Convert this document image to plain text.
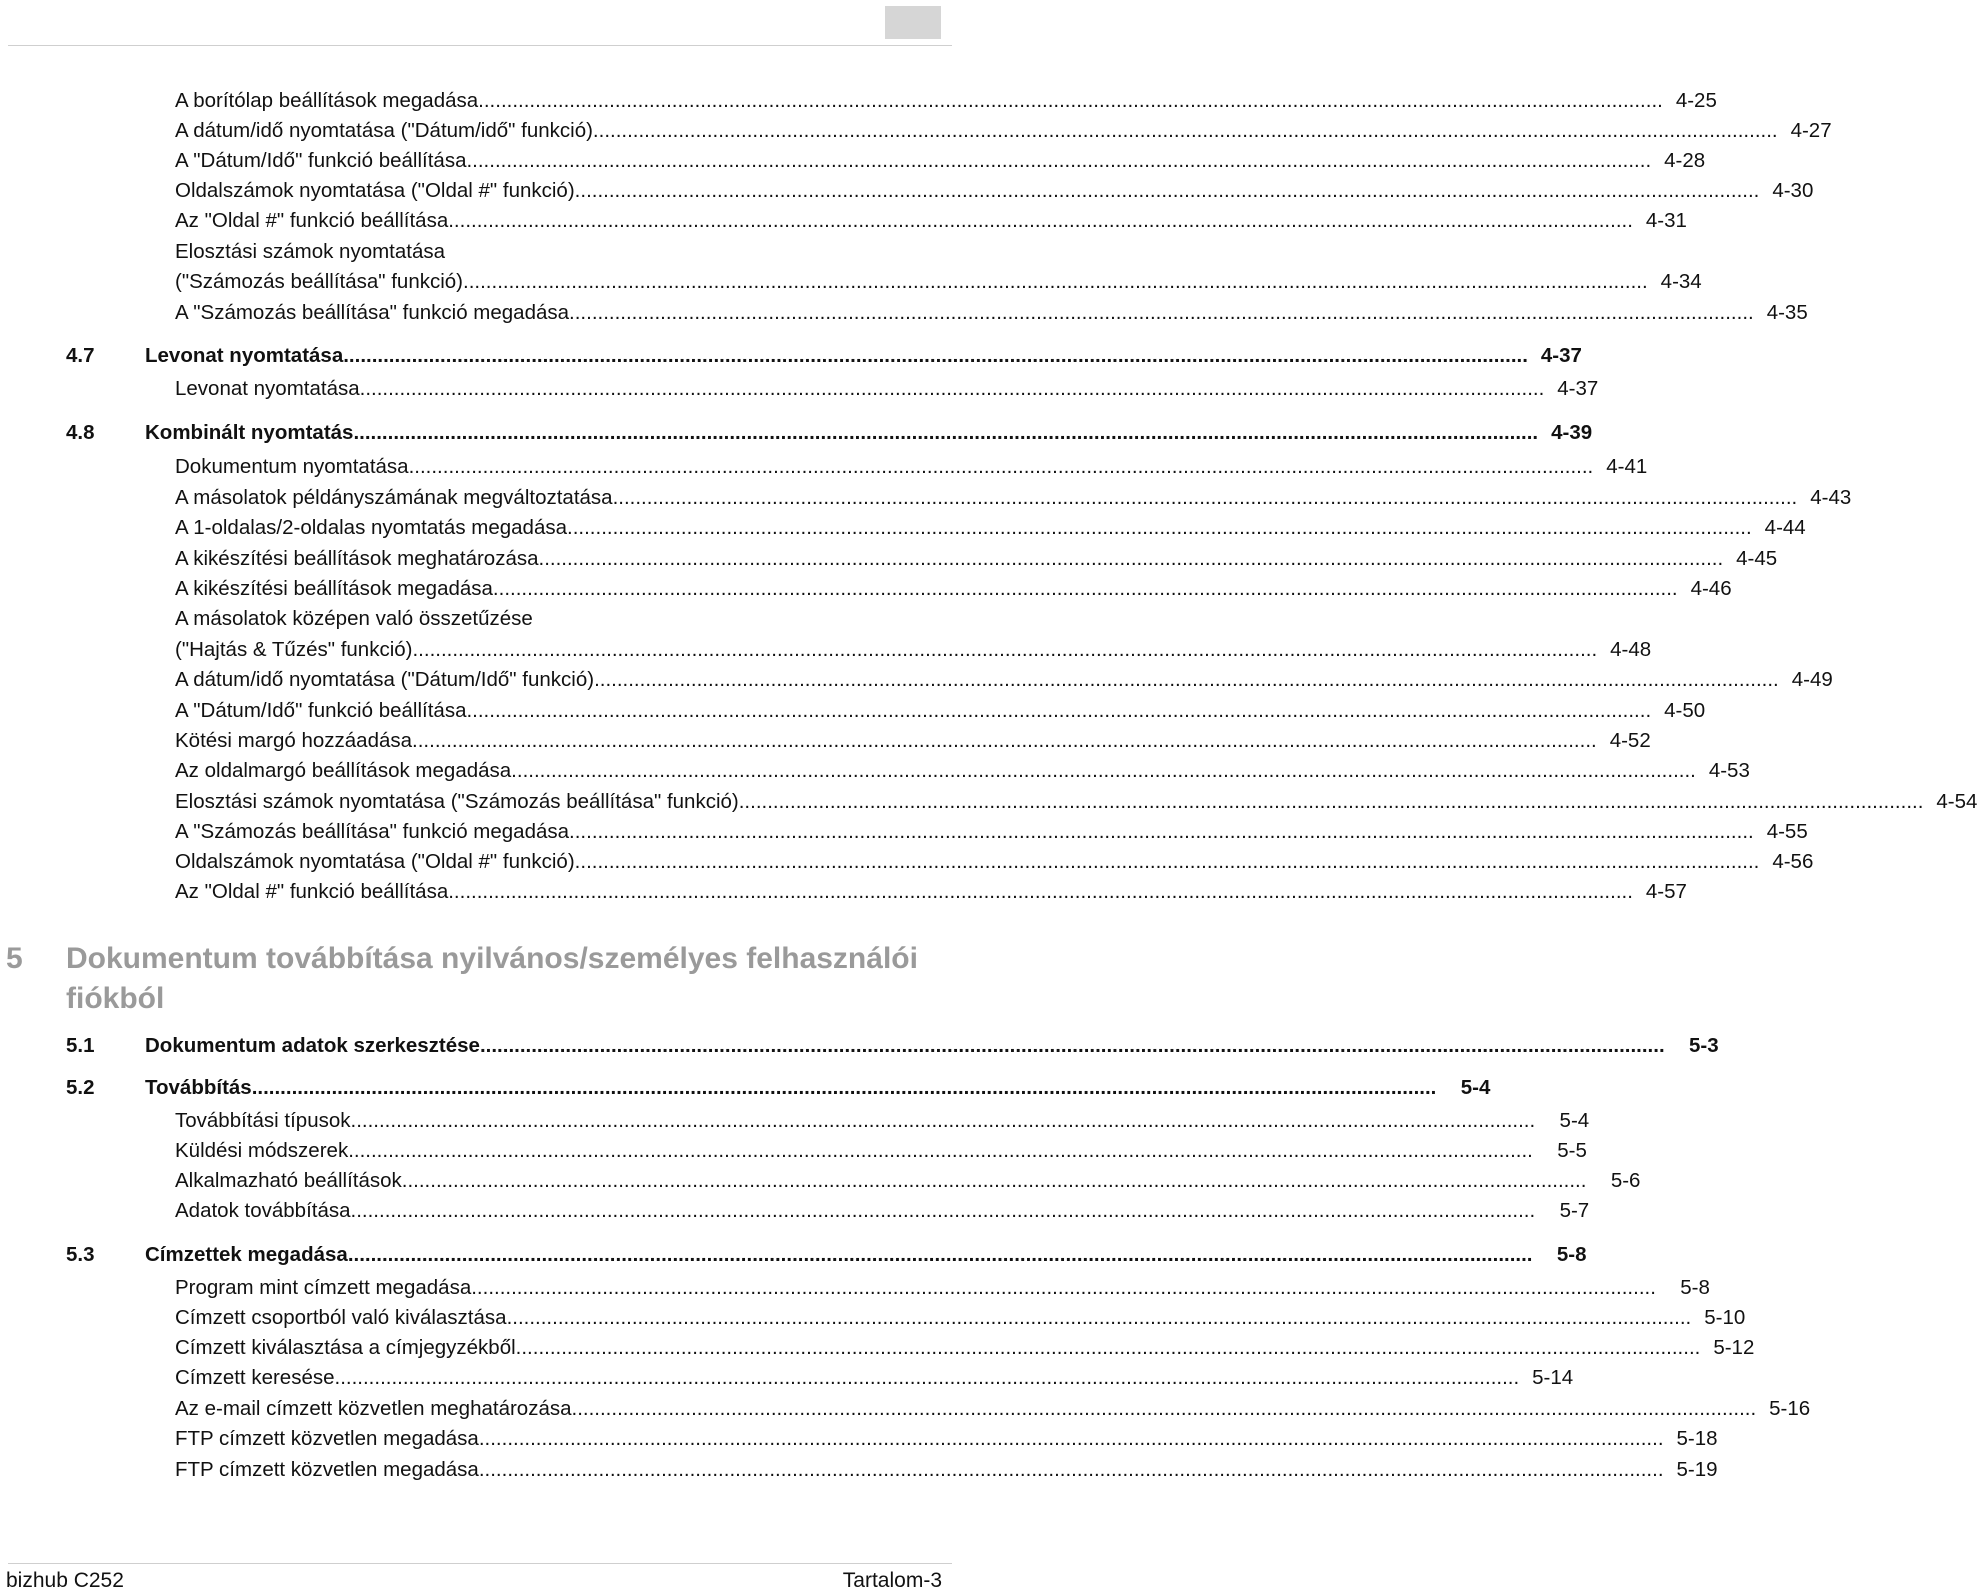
A borítólap beállítások megadása .....	4-25
A dátum/idő nyomtatása ("Dátum/idő" funkció) .....	4-27
A "Dátum/Idő" funkció beállítása .....	4-28
Oldalszámok nyomtatása ("Oldal #" funkció) .....	4-30
Az "Oldal #" funkció beállítása .....	4-31
Elosztási számok nyomtatása
("Számozás beállítása" funkció) .....	4-34
A "Számozás beállítása" funkció megadása .....	4-35
4.7	Levonat nyomtatása .....	4-37
Levonat nyomtatása .....	4-37
4.8	Kombinált nyomtatás .....	4-39
Dokumentum nyomtatása .....	4-41
A másolatok példányszámának megváltoztatása .....	4-43
A 1-oldalas/2-oldalas nyomtatás megadása .....	4-44
A kikészítési beállítások meghatározása .....	4-45
A kikészítési beállítások megadása .....	4-46
A másolatok középen való összetűzése
("Hajtás & Tűzés" funkció) .....	4-48
A dátum/idő nyomtatása ("Dátum/Idő" funkció) .....	4-49
A "Dátum/Idő" funkció beállítása .....	4-50
Kötési margó hozzáadása .....	4-52
Az oldalmargó beállítások megadása .....	4-53
Elosztási számok nyomtatása ("Számozás beállítása" funkció) .....	4-54
A "Számozás beállítása" funkció megadása .....	4-55
Oldalszámok nyomtatása ("Oldal #" funkció) .....	4-56
Az "Oldal #" funkció beállítása .....	4-57
5 Dokumentum továbbítása nyilvános/személyes felhasználói fiókból
5.1	Dokumentum adatok szerkesztése .....	5-3
5.2	Továbbítás .....	5-4
Továbbítási típusok .....	5-4
Küldési módszerek .....	5-5
Alkalmazható beállítások .....	5-6
Adatok továbbítása .....	5-7
5.3	Címzettek megadása .....	5-8
Program mint címzett megadása .....	5-8
Címzett csoportból való kiválasztása .....	5-10
Címzett kiválasztása a címjegyzékből .....	5-12
Címzett keresése .....	5-14
Az e-mail címzett közvetlen meghatározása .....	5-16
FTP címzett közvetlen megadása .....	5-18
FTP címzett közvetlen megadása .....	5-19
bizhub C252	Tartalom-3
